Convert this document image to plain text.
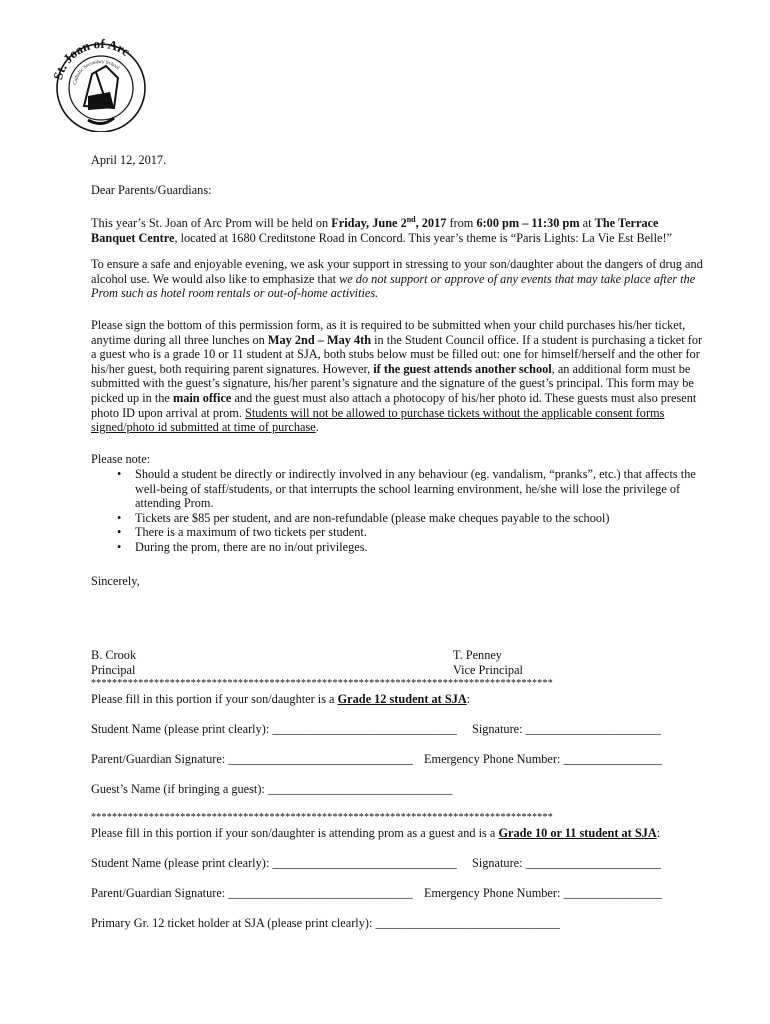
St. Joan of Arc
Catholic Secondary School
April 12, 2017.
Dear Parents/Guardians:
This year’s St. Joan of Arc Prom will be held on Friday, June 2nd, 2017 from 6:00 pm – 11:30 pm at The Terrace Banquet Centre, located at 1680 Creditstone Road in Concord. This year’s theme is “Paris Lights: La Vie Est Belle!”
To ensure a safe and enjoyable evening, we ask your support in stressing to your son/daughter about the dangers of drug and alcohol use. We would also like to emphasize that we do not support or approve of any events that may take place after the Prom such as hotel room rentals or out-of-home activities.
Please sign the bottom of this permission form, as it is required to be submitted when your child purchases his/her ticket, anytime during all three lunches on May 2nd – May 4th in the Student Council office. If a student is purchasing a ticket for a guest who is a grade 10 or 11 student at SJA, both stubs below must be filled out: one for himself/herself and the other for his/her guest, both requiring parent signatures. However, if the guest attends another school, an additional form must be submitted with the guest’s signature, his/her parent’s signature and the signature of the guest’s principal. This form may be picked up in the main office and the guest must also attach a photocopy of his/her photo id. These guests must also present photo ID upon arrival at prom. Students will not be allowed to purchase tickets without the applicable consent forms signed/photo id submitted at time of purchase.
Please note:
• Should a student be directly or indirectly involved in any behaviour (eg. vandalism, “pranks”, etc.) that affects the well-being of staff/students, or that interrupts the school learning environment, he/she will lose the privilege of attending Prom.
• Tickets are $85 per student, and are non-refundable (please make cheques payable to the school)
• There is a maximum of two tickets per student.
• During the prom, there are no in/out privileges.
Sincerely,
B. Crook
Principal
T. Penney
Vice Principal
****************************************************************************************
Please fill in this portion if your son/daughter is a Grade 12 student at SJA:
Student Name (please print clearly): ______________________________ Signature: ______________________
Parent/Guardian Signature: ______________________________ Emergency Phone Number: ________________
Guest’s Name (if bringing a guest): ______________________________
****************************************************************************************
Please fill in this portion if your son/daughter is attending prom as a guest and is a Grade 10 or 11 student at SJA:
Student Name (please print clearly): ______________________________ Signature: ______________________
Parent/Guardian Signature: ______________________________ Emergency Phone Number: ________________
Primary Gr. 12 ticket holder at SJA (please print clearly): ______________________________
